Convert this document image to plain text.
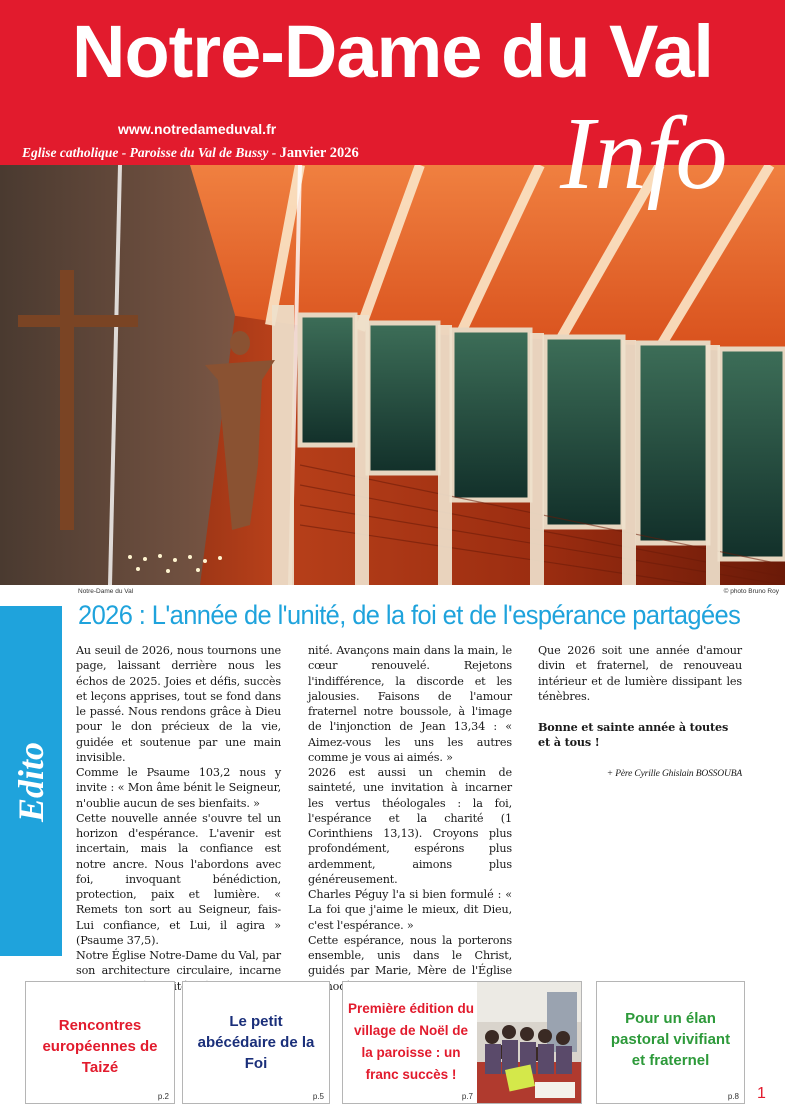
Notre-Dame du Val
www.notredameduval.fr
Eglise catholique - Paroisse du Val de Bussy - Janvier 2026 Info
Notre-Dame du Val	© photo Bruno Roy
Edito
2026 : L'année de l'unité, de la foi et de l'espérance partagées

Au seuil de 2026, nous tournons une page, laissant derrière nous les échos de 2025. Joies et défis, succès et leçons apprises, tout se fond dans le passé. Nous rendons grâce à Dieu pour le don précieux de la vie, guidée et soutenue par une main invisible.

Comme le Psaume 103,2 nous y invite : « Mon âme bénit le Seigneur, n'oublie aucun de ses bienfaits. »

Cette nouvelle année s'ouvre tel un horizon d'espérance. L'avenir est incertain, mais la confiance est notre ancre. Nous l'abordons avec foi, invoquant bénédiction, protection, paix et lumière. « Remets ton sort au Seigneur, fais-Lui confiance, et Lui, il agira » (Psaume 37,5).

Notre Église Notre-Dame du Val, par son architecture circulaire, incarne

nité. Avançons main dans la main, le cœur renouvelé. Rejetons l'indifférence, la discorde et les jalousies. Faisons de l'amour fraternel notre boussole, à l'image de l'injonction de Jean 13,34 : « Aimez-vous les uns les autres comme je vous ai aimés. »

2026 est aussi un chemin de sainteté, une invitation à incarner les vertus théologales : la foi, l'espérance et la charité (1 Corinthiens 13,13). Croyons plus profondément, espérons plus ardemment, aimons plus généreusement.

Charles Péguy l'a si bien formulé : « La foi que j'aime le mieux, dit Dieu, c'est l'espérance. »

Cette espérance, nous la porterons ensemble, unis dans le Christ, guidés par Marie, Mère de l'Église

Que 2026 soit une année d'amour divin et fraternel, de renouveau intérieur et de lumière dissipant les ténèbres.

Bonne et sainte année à toutes et à tous !

+ Père Cyrille Ghislain BOSSOUBA

Rencontres européennes de Taizé
p.2
Le petit abécédaire de la Foi
p.5
Première édition du village de Noël de la paroisse : un franc succès !
p.7
Pour un élan pastoral vivifiant et fraternel
p.8 1
